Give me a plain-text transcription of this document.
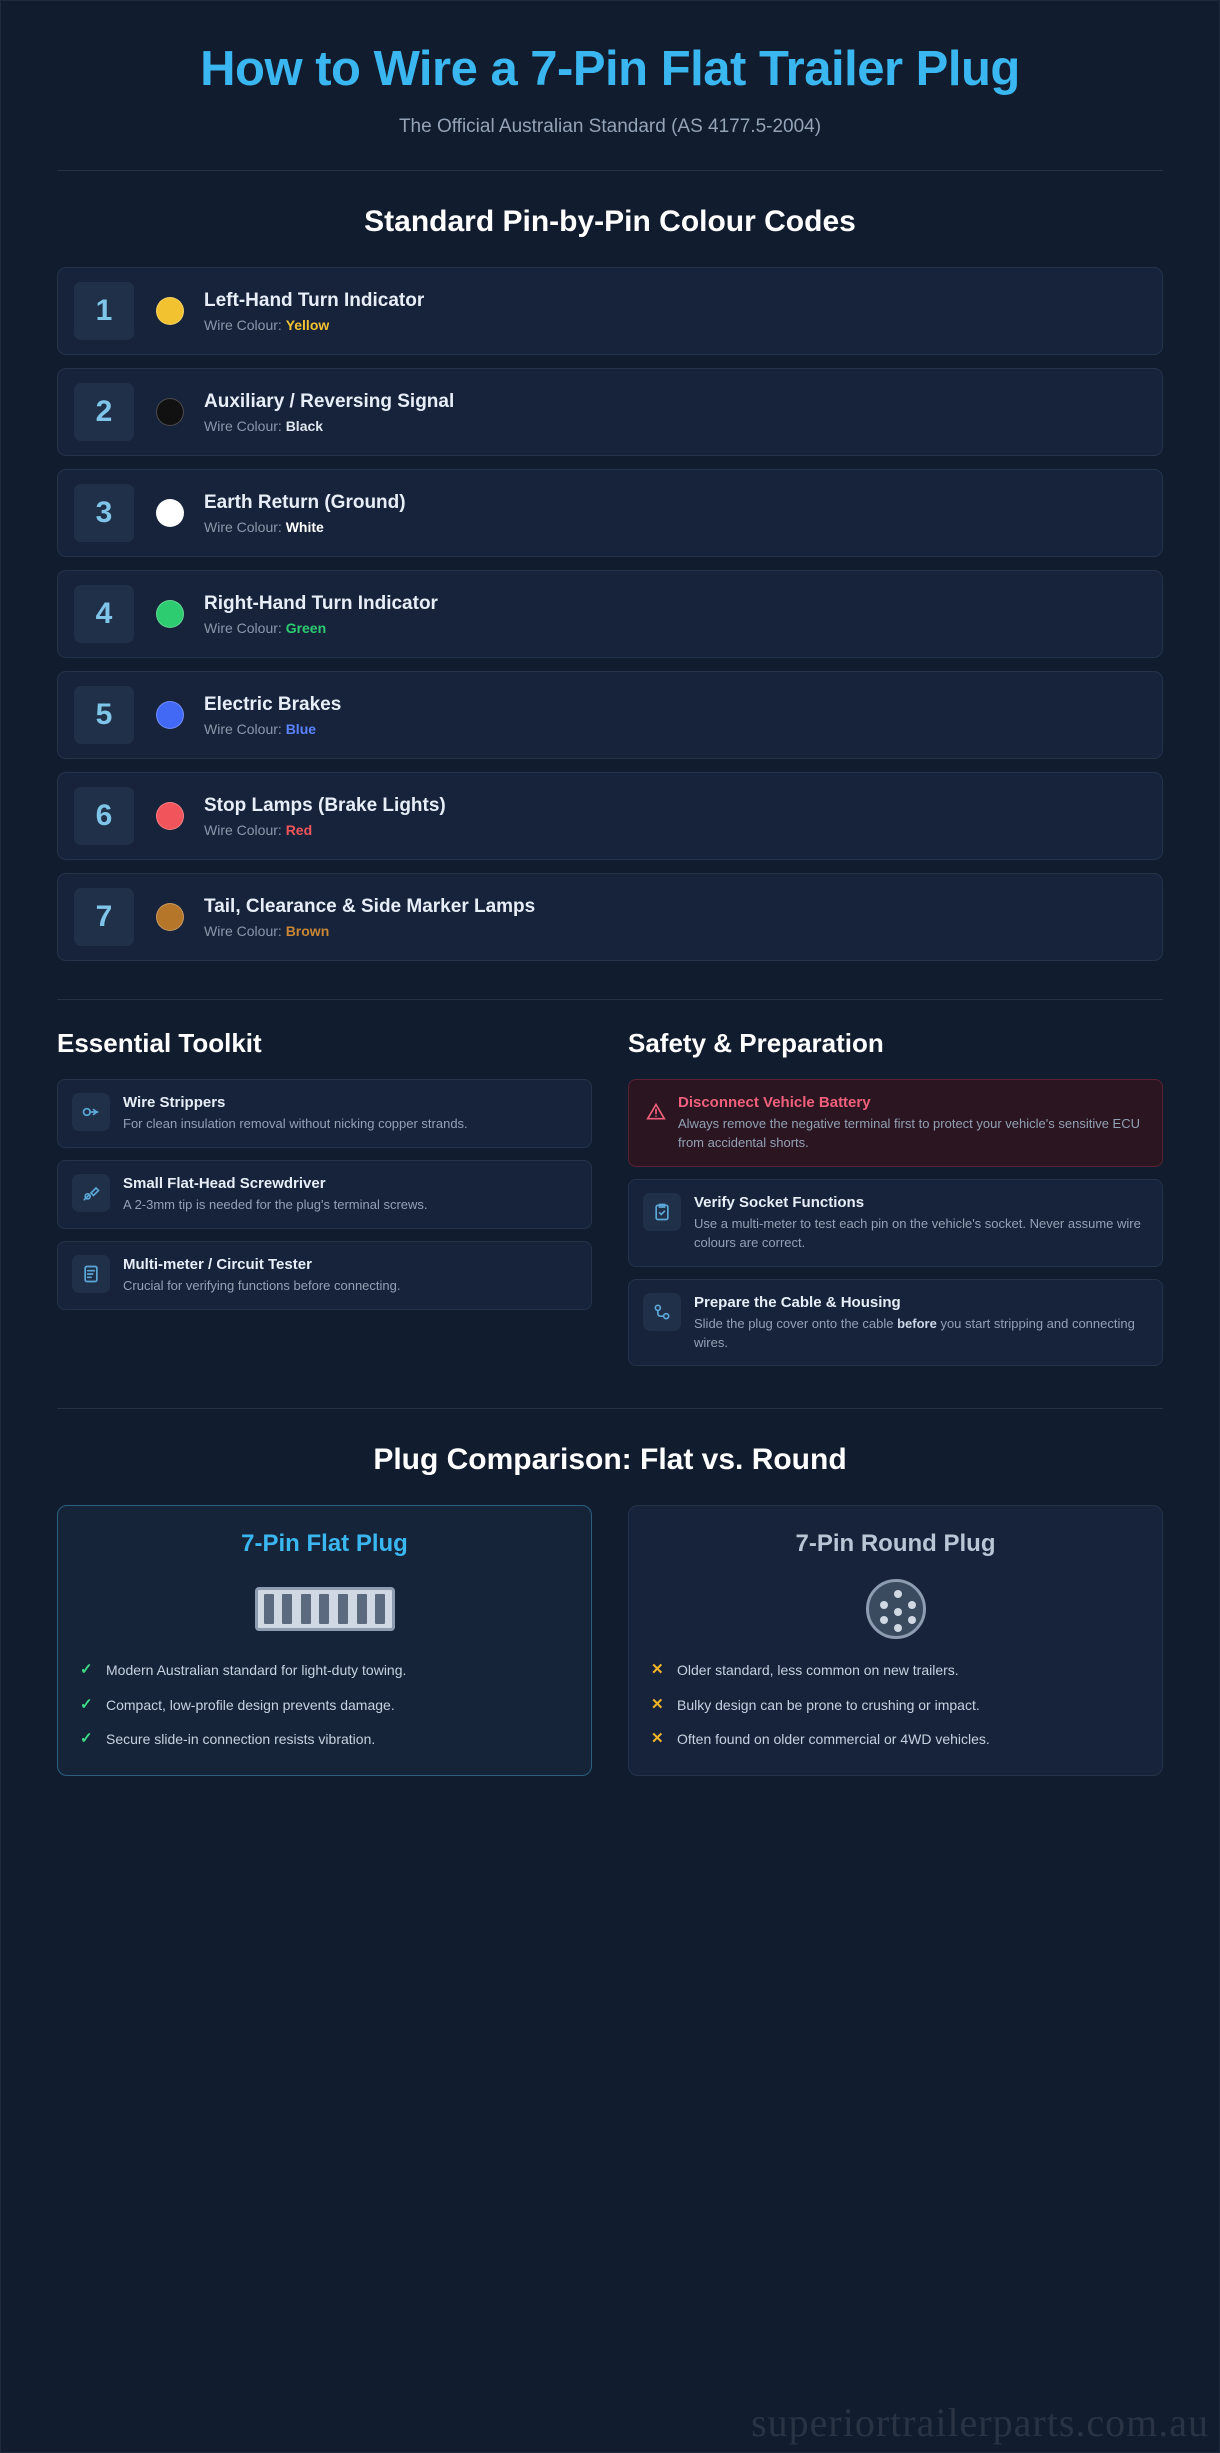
How to Wire a 7-Pin Flat Trailer Plug
The Official Australian Standard (AS 4177.5-2004)
Standard Pin-by-Pin Colour Codes
1	Left-Hand Turn Indicator
Wire Colour: Yellow
2	Auxiliary / Reversing Signal
Wire Colour: Black
3	Earth Return (Ground)
Wire Colour: White
4	Right-Hand Turn Indicator
Wire Colour: Green
5	Electric Brakes
Wire Colour: Blue
6	Stop Lamps (Brake Lights)
Wire Colour: Red
7	Tail, Clearance & Side Marker Lamps
Wire Colour: Brown
Essential Toolkit
Wire Strippers
For clean insulation removal without nicking copper strands.
Small Flat-Head Screwdriver
A 2-3mm tip is needed for the plug's terminal screws.
Multi-meter / Circuit Tester
Crucial for verifying functions before connecting.
Safety & Preparation
Disconnect Vehicle Battery
Always remove the negative terminal first to protect your vehicle's sensitive ECU from accidental shorts.
Verify Socket Functions
Use a multi-meter to test each pin on the vehicle's socket. Never assume wire colours are correct.
Prepare the Cable & Housing
Slide the plug cover onto the cable before you start stripping and connecting wires.
Plug Comparison: Flat vs. Round
7-Pin Flat Plug
✓ Modern Australian standard for light-duty towing.
✓ Compact, low-profile design prevents damage.
✓ Secure slide-in connection resists vibration.
7-Pin Round Plug
✕ Older standard, less common on new trailers.
✕ Bulky design can be prone to crushing or impact.
✕ Often found on older commercial or 4WD vehicles.
superiortrailerparts.com.au
